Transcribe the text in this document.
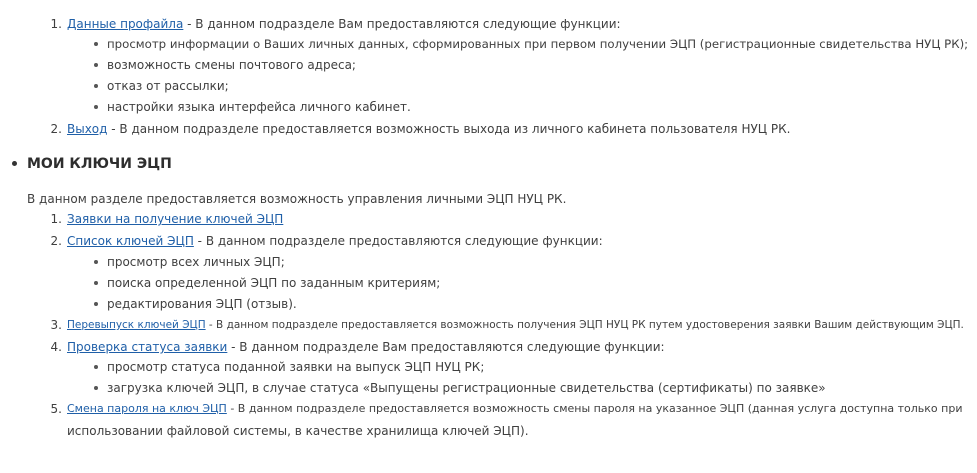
1. Данные профайла - В данном подразделе Вам предоставляются следующие функции:
просмотр информации о Ваших личных данных, сформированных при первом получении ЭЦП (регистрационные свидетельства НУЦ РК);
возможность смены почтового адреса;
отказ от рассылки;
настройки языка интерфейса личного кабинет.
2. Выход - В данном подразделе предоставляется возможность выхода из личного кабинета пользователя НУЦ РК.
МОИ КЛЮЧИ ЭЦП
В данном разделе предоставляется возможность управления личными ЭЦП НУЦ РК.
1. Заявки на получение ключей ЭЦП
2. Список ключей ЭЦП - В данном подразделе предоставляются следующие функции:
просмотр всех личных ЭЦП;
поиска определенной ЭЦП по заданным критериям;
редактирования ЭЦП (отзыв).
3. Перевыпуск ключей ЭЦП - В данном подразделе предоставляется возможность получения ЭЦП НУЦ РК путем удостоверения заявки Вашим действующим ЭЦП.
4. Проверка статуса заявки - В данном подразделе Вам предоставляются следующие функции:
просмотр статуса поданной заявки на выпуск ЭЦП НУЦ РК;
загрузка ключей ЭЦП, в случае статуса «Выпущены регистрационные свидетельства (сертификаты) по заявке»
5. Смена пароля на ключ ЭЦП - В данном подразделе предоставляется возможность смены пароля на указанное ЭЦП (данная услуга доступна только при
использовании файловой системы, в качестве хранилища ключей ЭЦП).
